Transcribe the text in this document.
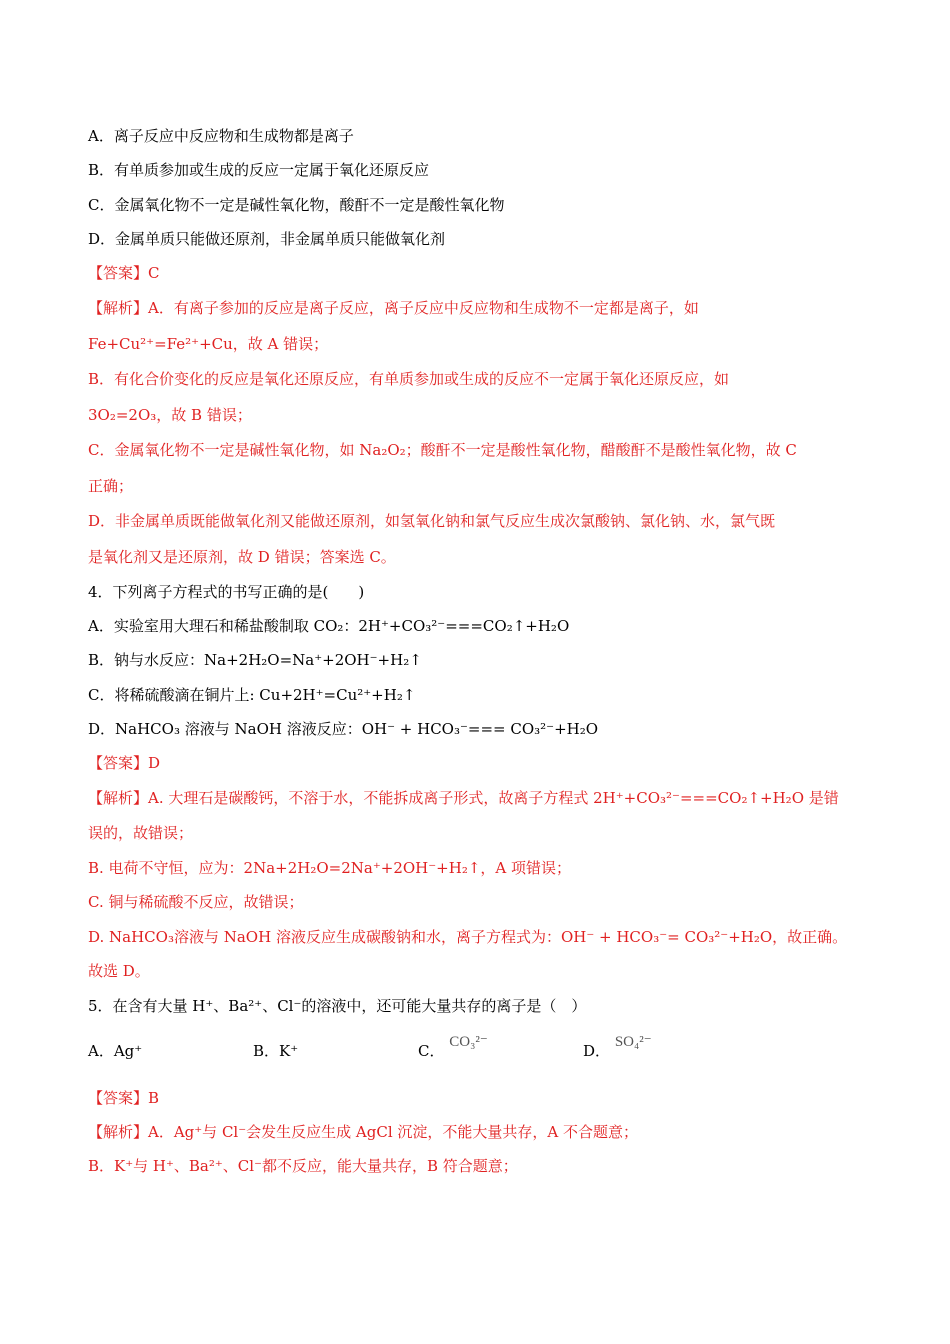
A．离子反应中反应物和生成物都是离子
B．有单质参加或生成的反应一定属于氧化还原反应
C．金属氧化物不一定是碱性氧化物，酸酐不一定是酸性氧化物
D．金属单质只能做还原剂，非金属单质只能做氧化剂
【答案】C
【解析】A．有离子参加的反应是离子反应，离子反应中反应物和生成物不一定都是离子，如
Fe+Cu²⁺=Fe²⁺+Cu，故 A 错误；
B．有化合价变化的反应是氧化还原反应，有单质参加或生成的反应不一定属于氧化还原反应，如
3O₂=2O₃，故 B 错误；
C．金属氧化物不一定是碱性氧化物，如 Na₂O₂；酸酐不一定是酸性氧化物，醋酸酐不是酸性氧化物，故 C
正确；
D．非金属单质既能做氧化剂又能做还原剂，如氢氧化钠和氯气反应生成次氯酸钠、氯化钠、水，氯气既
是氧化剂又是还原剂，故 D 错误；答案选 C。
4．下列离子方程式的书写正确的是(　　)
A．实验室用大理石和稀盐酸制取 CO₂：2H⁺+CO₃²⁻===CO₂↑+H₂O
B．钠与水反应：Na+2H₂O=Na⁺+2OH⁻+H₂↑
C．将稀硫酸滴在铜片上: Cu+2H⁺=Cu²⁺+H₂↑
D．NaHCO₃ 溶液与 NaOH 溶液反应：OH⁻ + HCO₃⁻=== CO₃²⁻+H₂O
【答案】D
【解析】A. 大理石是碳酸钙，不溶于水，不能拆成离子形式，故离子方程式 2H⁺+CO₃²⁻===CO₂↑+H₂O 是错
误的，故错误；
B. 电荷不守恒，应为：2Na+2H₂O=2Na⁺+2OH⁻+H₂↑，A 项错误；
C. 铜与稀硫酸不反应，故错误；
D. NaHCO₃溶液与 NaOH 溶液反应生成碳酸钠和水，离子方程式为：OH⁻ + HCO₃⁻= CO₃²⁻+H₂O，故正确。
故选 D。
5．在含有大量 H⁺、Ba²⁺、Cl⁻的溶液中，还可能大量共存的离子是（　）
A．Ag⁺	B．K⁺	C． CO₃²⁻	D． SO₄²⁻
【答案】B
【解析】A．Ag⁺与 Cl⁻会发生反应生成 AgCl 沉淀，不能大量共存，A 不合题意；
B．K⁺与 H⁺、Ba²⁺、Cl⁻都不反应，能大量共存，B 符合题意；
